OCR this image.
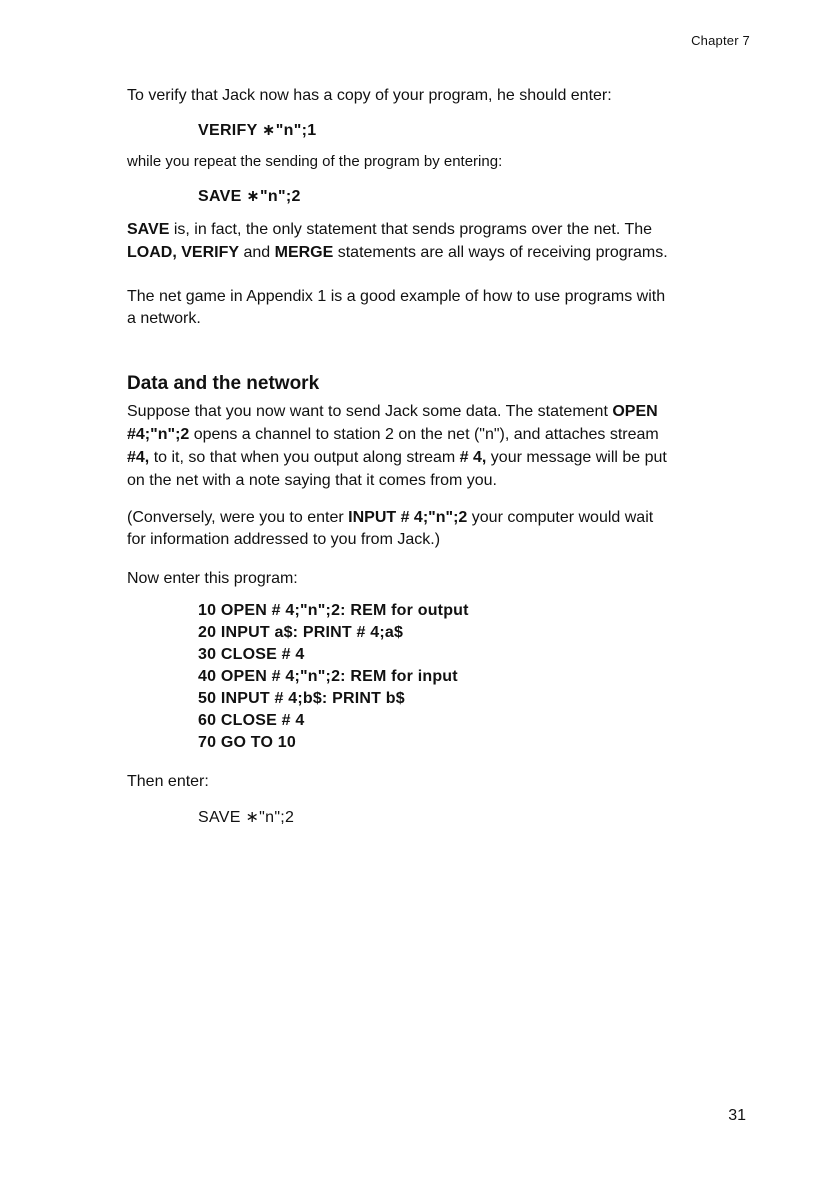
Chapter 7
To verify that Jack now has a copy of your program, he should enter:
VERIFY ∗"n";1
while you repeat the sending of the program by entering:
SAVE ∗"n";2
SAVE is, in fact, the only statement that sends programs over the net. The
LOAD, VERIFY and MERGE statements are all ways of receiving programs.
The net game in Appendix 1 is a good example of how to use programs with
a network.
Data and the network
Suppose that you now want to send Jack some data. The statement OPEN
#4;"n";2 opens a channel to station 2 on the net ("n"), and attaches stream
#4, to it, so that when you output along stream # 4, your message will be put
on the net with a note saying that it comes from you.
(Conversely, were you to enter INPUT # 4;"n";2 your computer would wait
for information addressed to you from Jack.)
Now enter this program:
10 OPEN # 4;"n";2: REM for output
20 INPUT a$: PRINT # 4;a$
30 CLOSE # 4
40 OPEN # 4;"n";2: REM for input
50 INPUT # 4;b$: PRINT b$
60 CLOSE # 4
70 GO TO 10
Then enter:
SAVE ∗"n";2
31
